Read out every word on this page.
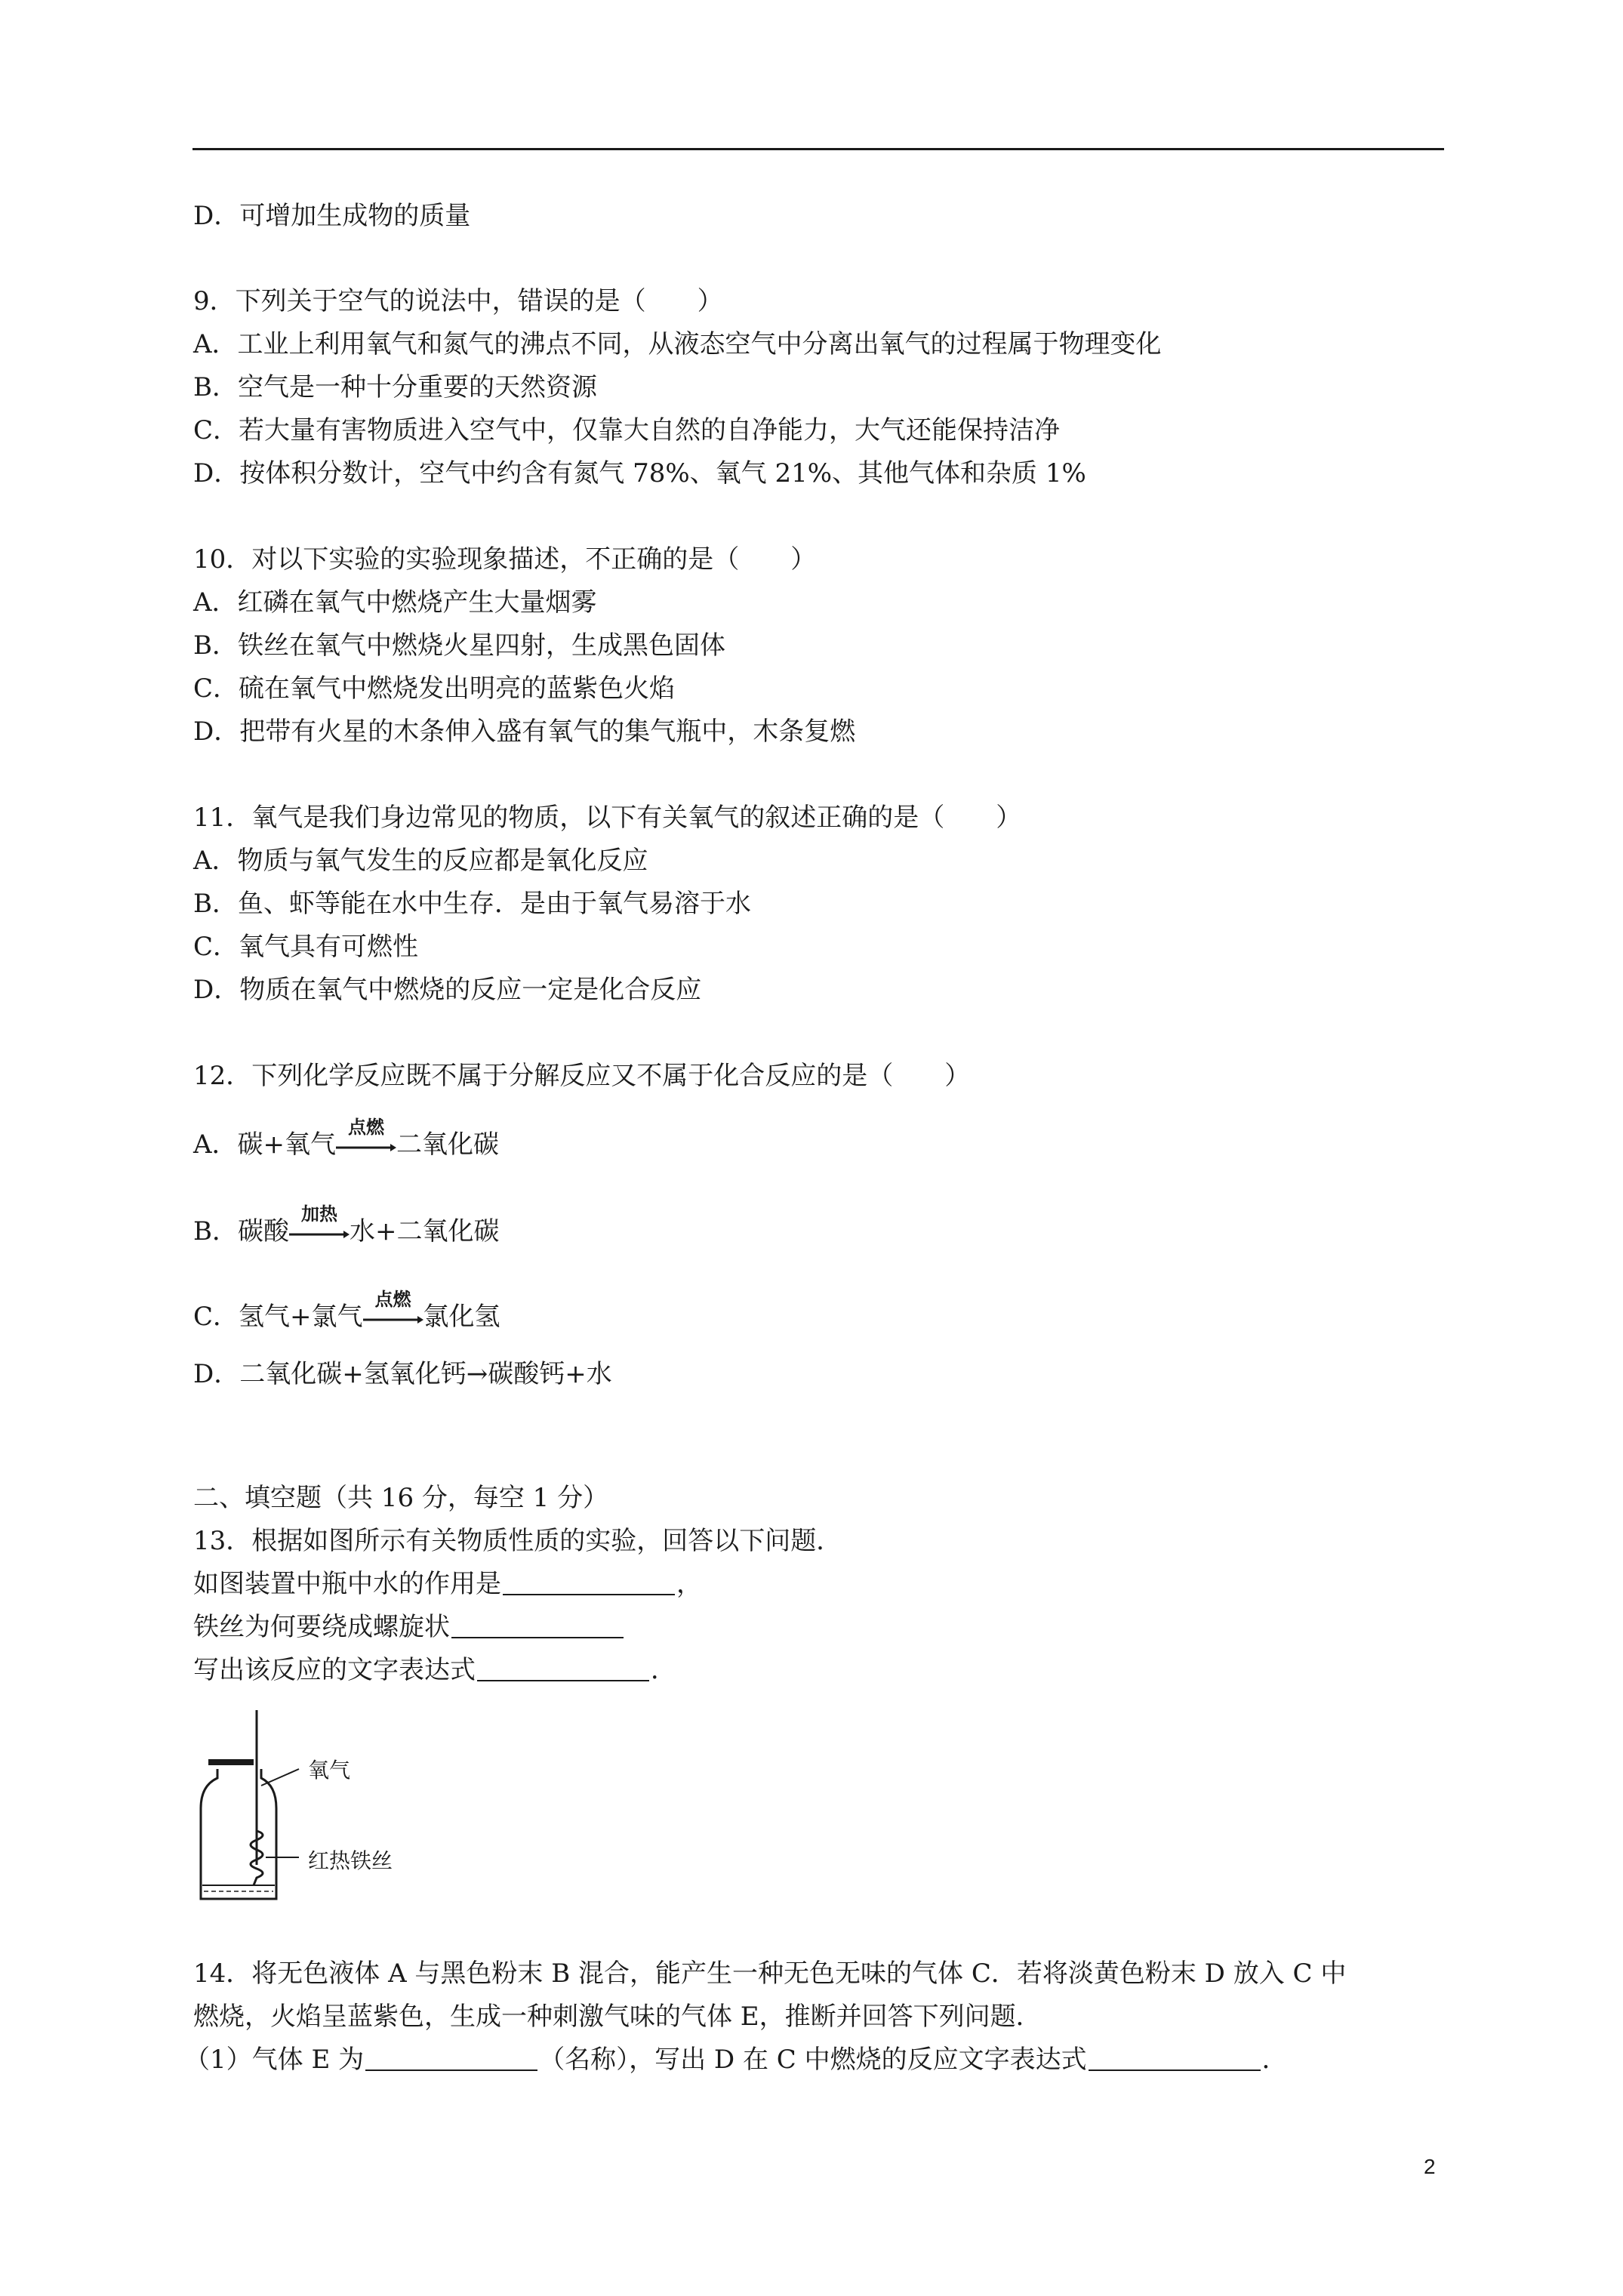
D．可增加生成物的质量
9．下列关于空气的说法中，错误的是（　　）
A．工业上利用氧气和氮气的沸点不同，从液态空气中分离出氧气的过程属于物理变化
B．空气是一种十分重要的天然资源
C．若大量有害物质进入空气中，仅靠大自然的自净能力，大气还能保持洁净
D．按体积分数计，空气中约含有氮气 78%、氧气 21%、其他气体和杂质 1%
10．对以下实验的实验现象描述，不正确的是（　　）
A．红磷在氧气中燃烧产生大量烟雾
B．铁丝在氧气中燃烧火星四射，生成黑色固体
C．硫在氧气中燃烧发出明亮的蓝紫色火焰
D．把带有火星的木条伸入盛有氧气的集气瓶中，木条复燃
11．氧气是我们身边常见的物质，以下有关氧气的叙述正确的是（　　）
A．物质与氧气发生的反应都是氧化反应
B．鱼、虾等能在水中生存．是由于氧气易溶于水
C．氧气具有可燃性
D．物质在氧气中燃烧的反应一定是化合反应
12．下列化学反应既不属于分解反应又不属于化合反应的是（　　）
A．碳+氧气
点燃
二氧化碳
B．碳酸
加热
水+二氧化碳
C．氢气+氯气
点燃
氯化氢
D．二氧化碳+氢氧化钙→碳酸钙+水
二、填空题（共 16 分，每空 1 分）
13．根据如图所示有关物质性质的实验，回答以下问题．
如图装置中瓶中水的作用是	，
铁丝为何要绕成螺旋状
写出该反应的文字表达式	．
氧气
红热铁丝
14．将无色液体 A 与黑色粉末 B 混合，能产生一种无色无味的气体 C．若将淡黄色粉末 D 放入 C 中
燃烧，火焰呈蓝紫色，生成一种刺激气味的气体 E，推断并回答下列问题．
（1）气体 E 为	（名称），写出 D 在 C 中燃烧的反应文字表达式	．
2
